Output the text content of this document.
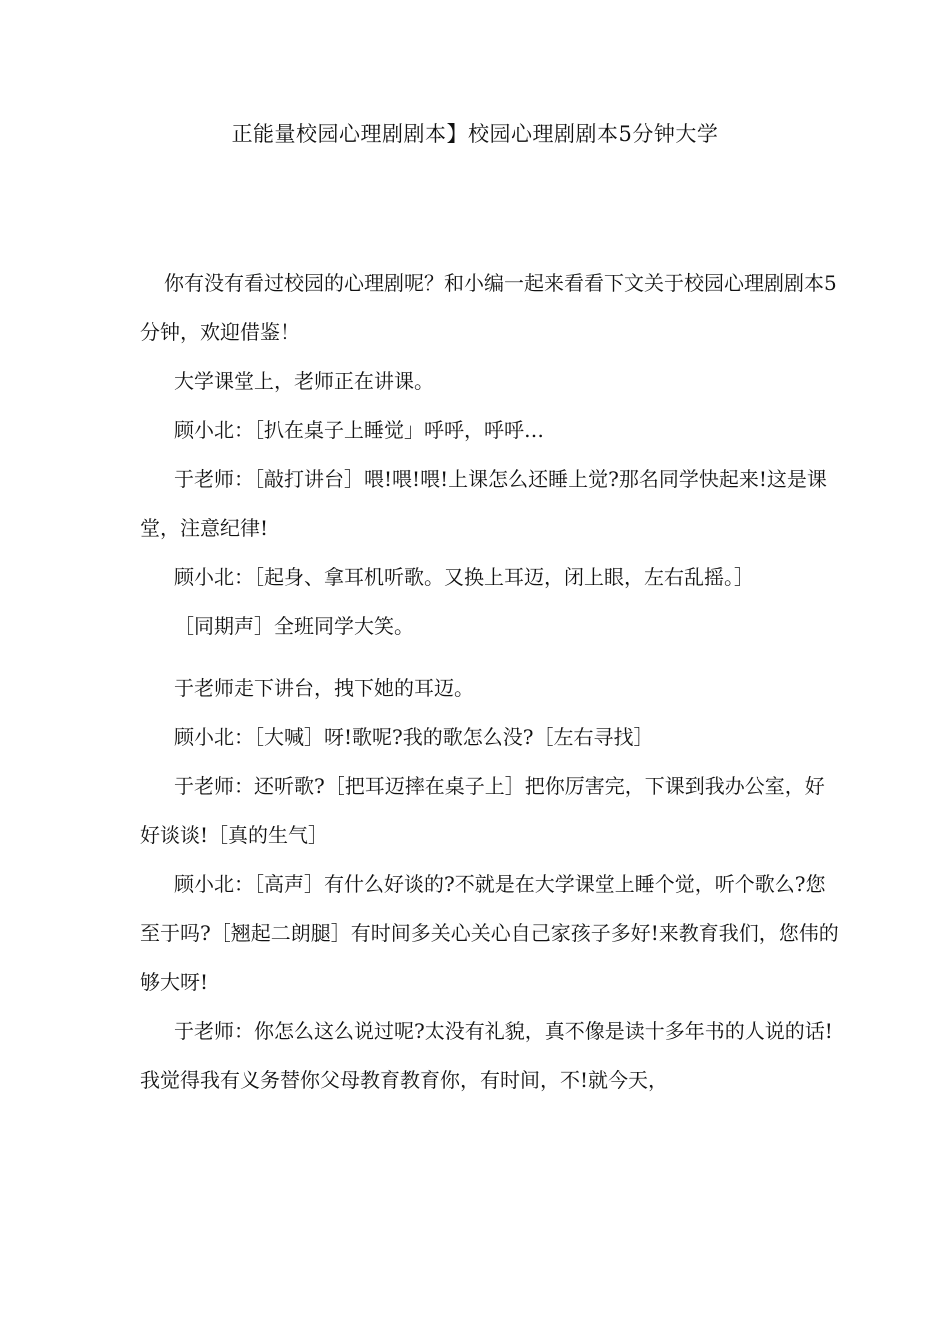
正能量校园心理剧剧本】校园心理剧剧本5分钟大学

你有没有看过校园的心理剧呢？和小编一起来看看下文关于校园心理剧剧本5分钟，欢迎借鉴！

大学课堂上，老师正在讲课。

顾小北：［扒在桌子上睡觉」呼呼，呼呼…

于老师：［敲打讲台］喂!喂!喂!上课怎么还睡上觉?那名同学快起来!这是课堂，注意纪律!

顾小北：［起身、拿耳机听歌。又换上耳迈，闭上眼，左右乱摇。］

［同期声］全班同学大笑。

于老师走下讲台，拽下她的耳迈。

顾小北：［大喊］呀!歌呢?我的歌怎么没?［左右寻找］

于老师：还听歌?［把耳迈摔在桌子上］把你厉害完，下课到我办公室，好好谈谈!［真的生气］

顾小北：［高声］有什么好谈的?不就是在大学课堂上睡个觉，听个歌么?您至于吗?［翘起二朗腿］有时间多关心关心自己家孩子多好!来教育我们，您伟的够大呀!

于老师：你怎么这么说过呢?太没有礼貌，真不像是读十多年书的人说的话!我觉得我有义务替你父母教育教育你，有时间，不!就今天，
